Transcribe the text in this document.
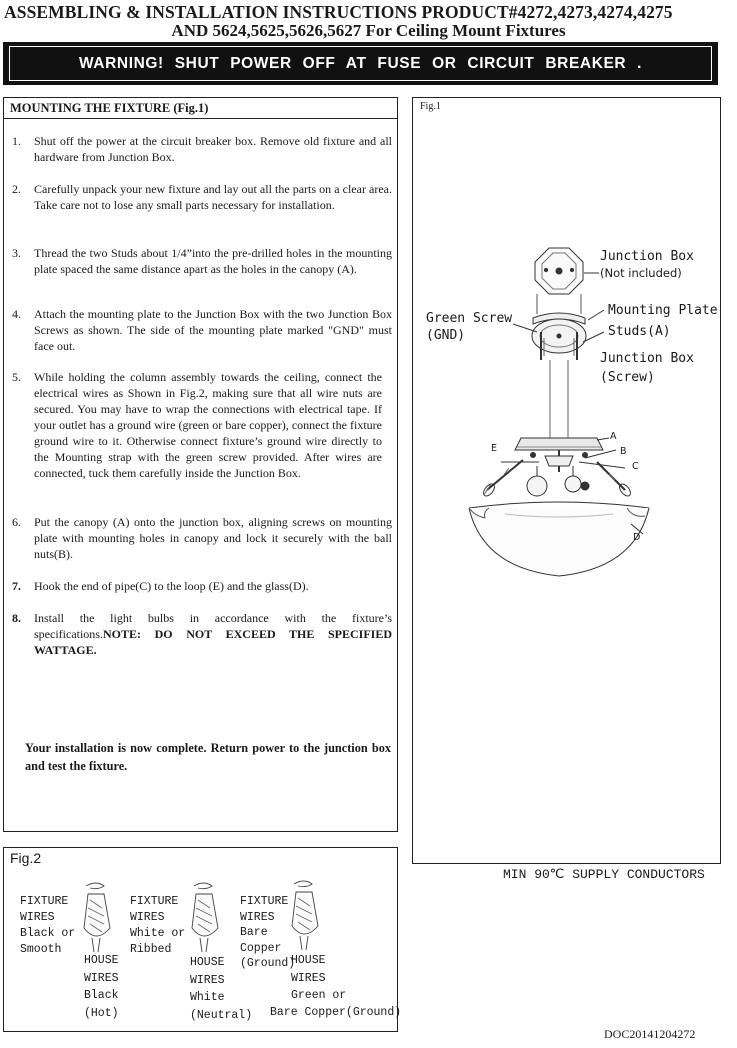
ASSEMBLING & INSTALLATION INSTRUCTIONS PRODUCT#4272,4273,4274,4275
AND 5624,5625,5626,5627 For Ceiling Mount Fixtures
WARNING! SHUT POWER OFF AT FUSE OR CIRCUIT BREAKER .
MOUNTING THE FIXTURE (Fig.1)
1.	Shut off the power at the circuit breaker box. Remove old fixture and all hardware from Junction Box.
2.	Carefully unpack your new fixture and lay out all the parts on a clear area. Take care not to lose any small parts necessary for installation.
3.	Thread the two Studs about 1/4”into the pre-drilled holes in the mounting plate spaced the same distance apart as the holes in the canopy (A).
4.	Attach the mounting plate to the Junction Box with the two Junction Box Screws as shown. The side of the mounting plate marked "GND" must face out.
5.	While holding the column assembly towards the ceiling, connect the electrical wires as Shown in Fig.2, making sure that all wire nuts are secured. You may have to wrap the connections with electrical tape. If your outlet has a ground wire (green or bare copper), connect the fixture ground wire to it. Otherwise connect fixture’s ground wire directly to the Mounting strap with the green screw provided. After wires are connected, tuck them carefully inside the Junction Box.
6.	Put the canopy (A) onto the junction box, aligning screws on mounting plate with mounting holes in canopy and lock it securely with the ball nuts(B).
7.	Hook the end of pipe(C) to the loop (E) and the glass(D).
8.	Install the light bulbs in accordance with the fixture’s specifications.NOTE: DO NOT EXCEED THE SPECIFIED WATTAGE.
Your installation is now complete. Return power to the junction box and test the fixture.
Fig.1
Junction Box
(Not included)
Mounting Plate
Studs(A)
Junction Box
(Screw)
Green Screw
(GND)
A
B
C
D
E
MIN 90℃ SUPPLY CONDUCTORS
Fig.2
FIXTURE
WIRES
Black or
Smooth
HOUSE
WIRES
Black
(Hot)
FIXTURE
WIRES
White or
Ribbed
HOUSE
WIRES
White
(Neutral)
FIXTURE
WIRES
Bare
Copper
(Ground)
HOUSE
WIRES
Green or
Bare Copper(Ground)
DOC20141204272
